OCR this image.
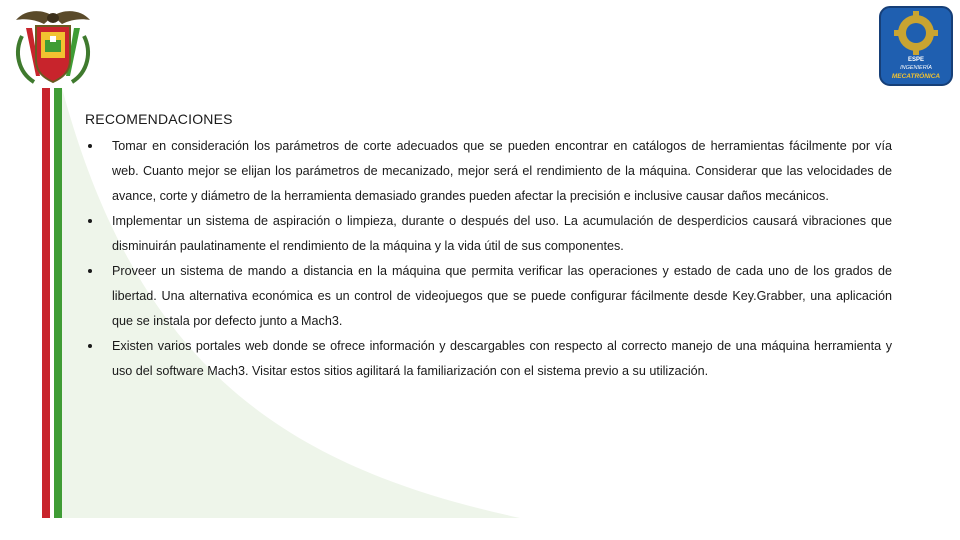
ESPE
INGENIERÍA
MECATRÓNICA
RECOMENDACIONES
Tomar en consideración los parámetros de corte adecuados que se pueden encontrar en catálogos de herramientas fácilmente por vía web. Cuanto mejor se elijan los parámetros de mecanizado, mejor será el rendimiento de la máquina. Considerar que las velocidades de avance, corte y diámetro de la herramienta demasiado grandes pueden afectar la precisión e inclusive causar daños mecánicos.
Implementar un sistema de aspiración o limpieza, durante o después del uso. La acumulación de desperdicios causará vibraciones que disminuirán paulatinamente el rendimiento de la máquina y la vida útil de sus componentes.
Proveer un sistema de mando a distancia en la máquina que permita verificar las operaciones y estado de cada uno de los grados de libertad. Una alternativa económica es un control de videojuegos que se puede configurar fácilmente desde Key.Grabber, una aplicación que se instala por defecto junto a Mach3.
Existen varios portales web donde se ofrece información y descargables con respecto al correcto manejo de una máquina herramienta y uso del software Mach3. Visitar estos sitios agilitará la familiarización con el sistema previo a su utilización.
